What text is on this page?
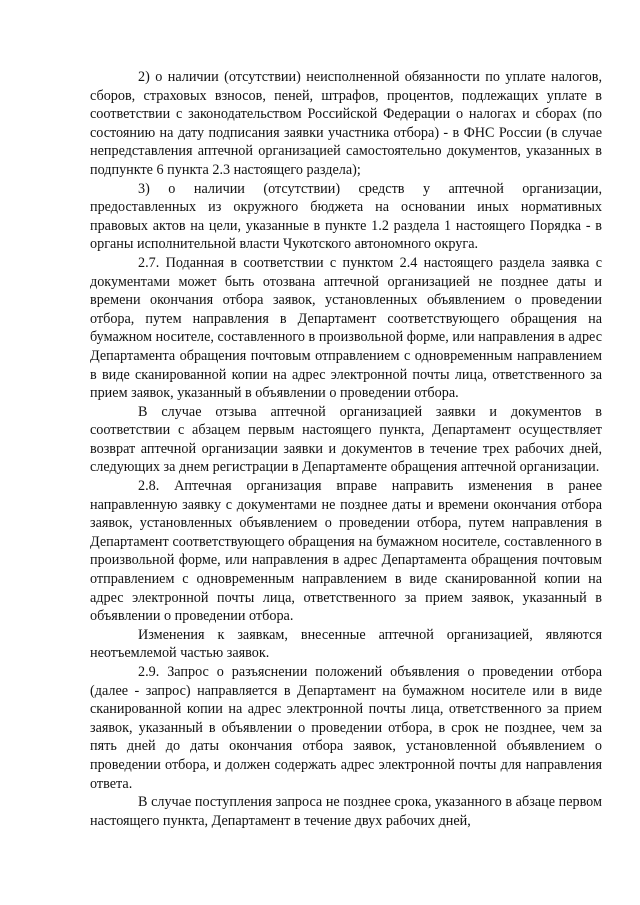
2) о наличии (отсутствии) неисполненной обязанности по уплате налогов, сборов, страховых взносов, пеней, штрафов, процентов, подлежащих уплате в соответствии с законодательством Российской Федерации о налогах и сборах (по состоянию на дату подписания заявки участника отбора) - в ФНС России (в случае непредставления аптечной организацией самостоятельно документов, указанных в подпункте 6 пункта 2.3 настоящего раздела);

3) о наличии (отсутствии) средств у аптечной организации, предоставленных из окружного бюджета на основании иных нормативных правовых актов на цели, указанные в пункте 1.2 раздела 1 настоящего Порядка - в органы исполнительной власти Чукотского автономного округа.

2.7. Поданная в соответствии с пунктом 2.4 настоящего раздела заявка с документами может быть отозвана аптечной организацией не позднее даты и времени окончания отбора заявок, установленных объявлением о проведении отбора, путем направления в Департамент соответствующего обращения на бумажном носителе, составленного в произвольной форме, или направления в адрес Департамента обращения почтовым отправлением с одновременным направлением в виде сканированной копии на адрес электронной почты лица, ответственного за прием заявок, указанный в объявлении о проведении отбора.

В случае отзыва аптечной организацией заявки и документов в соответствии с абзацем первым настоящего пункта, Департамент осуществляет возврат аптечной организации заявки и документов в течение трех рабочих дней, следующих за днем регистрации в Департаменте обращения аптечной организации.

2.8. Аптечная организация вправе направить изменения в ранее направленную заявку с документами не позднее даты и времени окончания отбора заявок, установленных объявлением о проведении отбора, путем направления в Департамент соответствующего обращения на бумажном носителе, составленного в произвольной форме, или направления в адрес Департамента обращения почтовым отправлением с одновременным направлением в виде сканированной копии на адрес электронной почты лица, ответственного за прием заявок, указанный в объявлении о проведении отбора.

Изменения к заявкам, внесенные аптечной организацией, являются неотъемлемой частью заявок.

2.9. Запрос о разъяснении положений объявления о проведении отбора (далее - запрос) направляется в Департамент на бумажном носителе или в виде сканированной копии на адрес электронной почты лица, ответственного за прием заявок, указанный в объявлении о проведении отбора, в срок не позднее, чем за пять дней до даты окончания отбора заявок, установленной объявлением о проведении отбора, и должен содержать адрес электронной почты для направления ответа.

В случае поступления запроса не позднее срока, указанного в абзаце первом настоящего пункта, Департамент в течение двух рабочих дней,
